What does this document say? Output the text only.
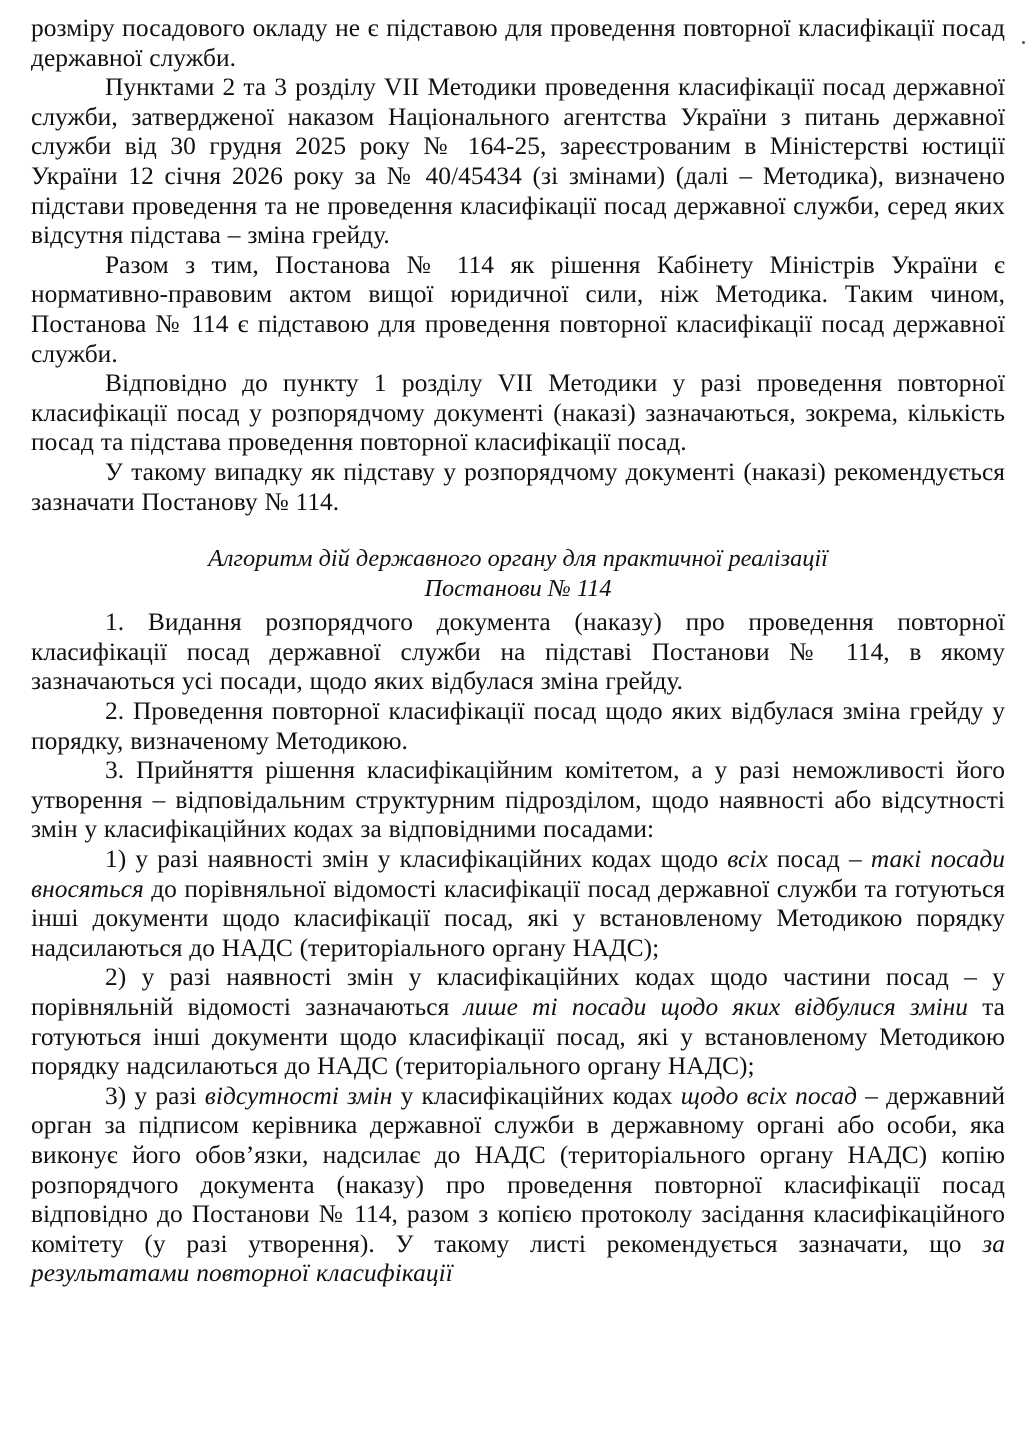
розміру посадового окладу не є підставою для проведення повторної класифікації посад державної служби.

Пунктами 2 та 3 розділу VII Методики проведення класифікації посад державної служби, затвердженої наказом Національного агентства України з питань державної служби від 30 грудня 2025 року № 164-25, зареєстрованим в Міністерстві юстиції України 12 січня 2026 року за № 40/45434 (зі змінами) (далі – Методика), визначено підстави проведення та не проведення класифікації посад державної служби, серед яких відсутня підстава – зміна грейду.

Разом з тим, Постанова № 114 як рішення Кабінету Міністрів України є нормативно-правовим актом вищої юридичної сили, ніж Методика. Таким чином, Постанова № 114 є підставою для проведення повторної класифікації посад державної служби.

Відповідно до пункту 1 розділу VII Методики у разі проведення повторної класифікації посад у розпорядчому документі (наказі) зазначаються, зокрема, кількість посад та підстава проведення повторної класифікації посад.

У такому випадку як підставу у розпорядчому документі (наказі) рекомендується зазначати Постанову № 114.

Алгоритм дій державного органу для практичної реалізації

Постанови № 114

1. Видання розпорядчого документа (наказу) про проведення повторної класифікації посад державної служби на підставі Постанови № 114, в якому зазначаються усі посади, щодо яких відбулася зміна грейду.

2. Проведення повторної класифікації посад щодо яких відбулася зміна грейду у порядку, визначеному Методикою.

3. Прийняття рішення класифікаційним комітетом, а у разі неможливості його утворення – відповідальним структурним підрозділом, щодо наявності або відсутності змін у класифікаційних кодах за відповідними посадами:

1) у разі наявності змін у класифікаційних кодах щодо всіх посад – такі посади вносяться до порівняльної відомості класифікації посад державної служби та готуються інші документи щодо класифікації посад, які у встановленому Методикою порядку надсилаються до НАДС (територіального органу НАДС);

2) у разі наявності змін у класифікаційних кодах щодо частини посад – у порівняльній відомості зазначаються лише ті посади щодо яких відбулися зміни та готуються інші документи щодо класифікації посад, які у встановленому Методикою порядку надсилаються до НАДС (територіального органу НАДС);

3) у разі відсутності змін у класифікаційних кодах щодо всіх посад – державний орган за підписом керівника державної служби в державному органі або особи, яка виконує його обов’язки, надсилає до НАДС (територіального органу НАДС) копію розпорядчого документа (наказу) про проведення повторної класифікації посад відповідно до Постанови № 114, разом з копією протоколу засідання класифікаційного комітету (у разі утворення). У такому листі рекомендується зазначати, що за результатами повторної класифікації
